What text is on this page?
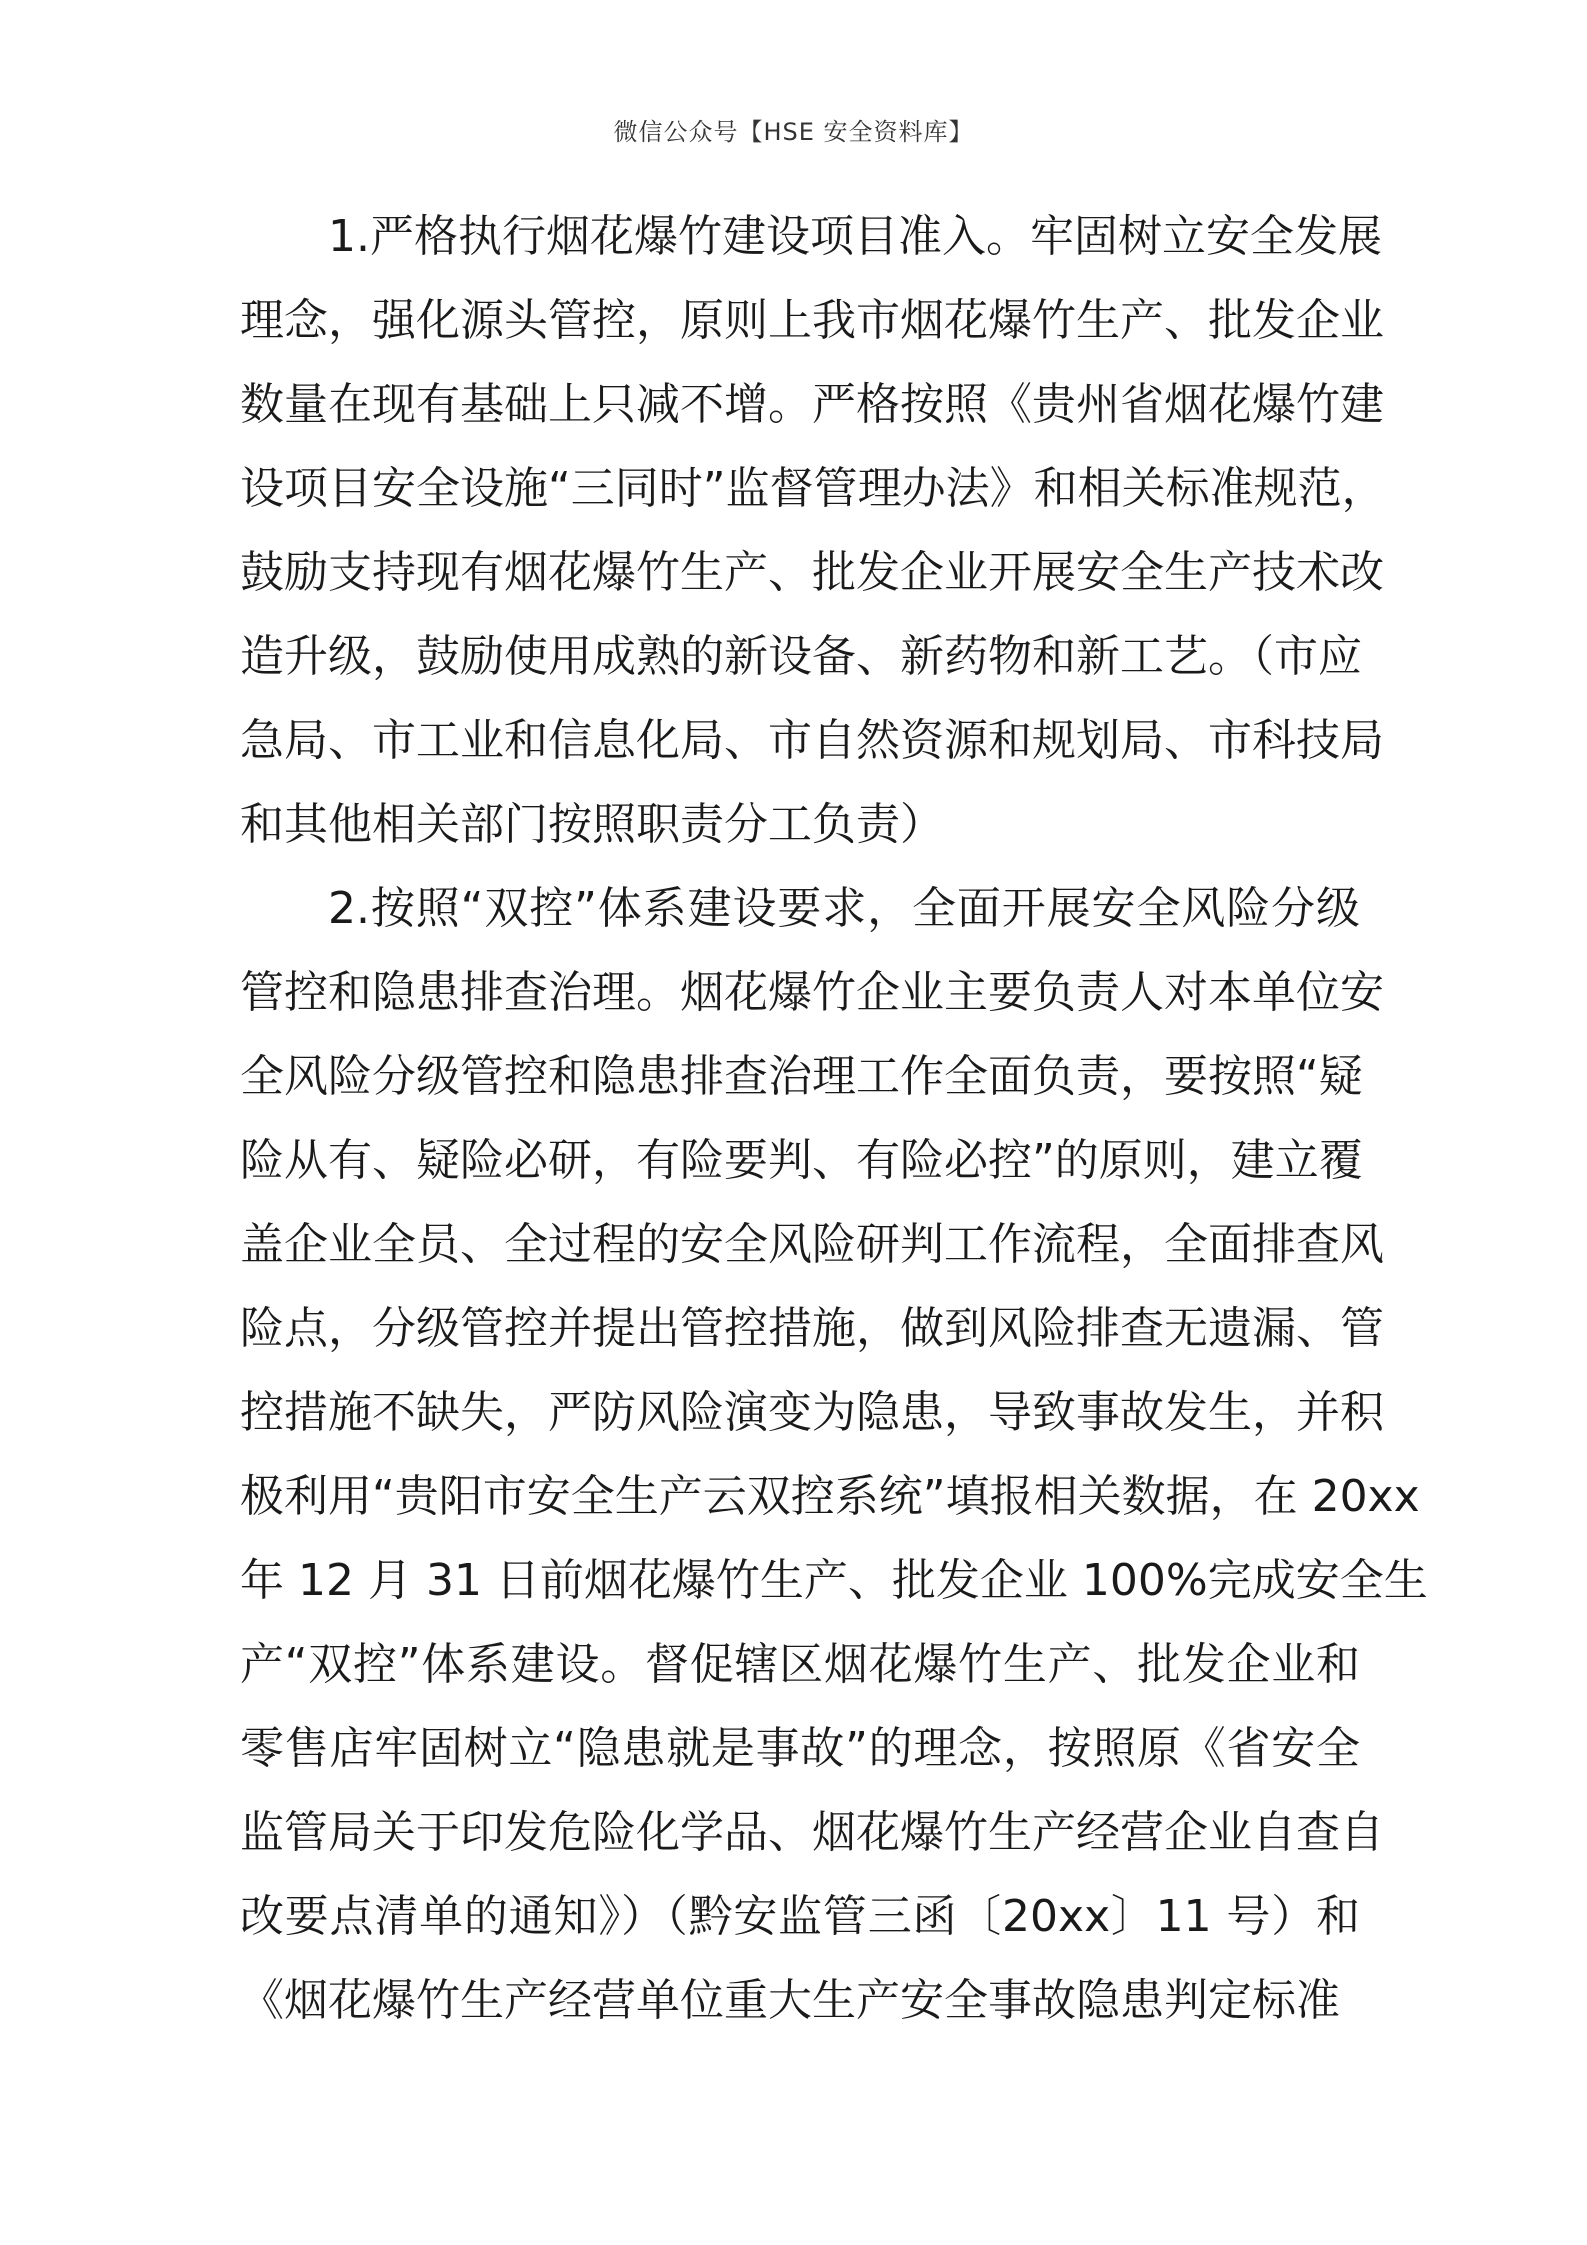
微信公众号【HSE 安全资料库】
1.严格执行烟花爆竹建设项目准入。牢固树立安全发展
理念，强化源头管控，原则上我市烟花爆竹生产、批发企业
数量在现有基础上只减不增。严格按照《贵州省烟花爆竹建
设项目安全设施“三同时”监督管理办法》和相关标准规范，
鼓励支持现有烟花爆竹生产、批发企业开展安全生产技术改
造升级，鼓励使用成熟的新设备、新药物和新工艺。（市应
急局、市工业和信息化局、市自然资源和规划局、市科技局
和其他相关部门按照职责分工负责）
2.按照“双控”体系建设要求，全面开展安全风险分级
管控和隐患排查治理。烟花爆竹企业主要负责人对本单位安
全风险分级管控和隐患排查治理工作全面负责，要按照“疑
险从有、疑险必研，有险要判、有险必控”的原则，建立覆
盖企业全员、全过程的安全风险研判工作流程，全面排查风
险点，分级管控并提出管控措施，做到风险排查无遗漏、管
控措施不缺失，严防风险演变为隐患，导致事故发生，并积
极利用“贵阳市安全生产云双控系统”填报相关数据，在 20xx
年 12 月 31 日前烟花爆竹生产、批发企业 100%完成安全生
产“双控”体系建设。督促辖区烟花爆竹生产、批发企业和
零售店牢固树立“隐患就是事故”的理念，按照原《省安全
监管局关于印发危险化学品、烟花爆竹生产经营企业自查自
改要点清单的通知》）（黔安监管三函〔20xx〕11 号）和
《烟花爆竹生产经营单位重大生产安全事故隐患判定标准
